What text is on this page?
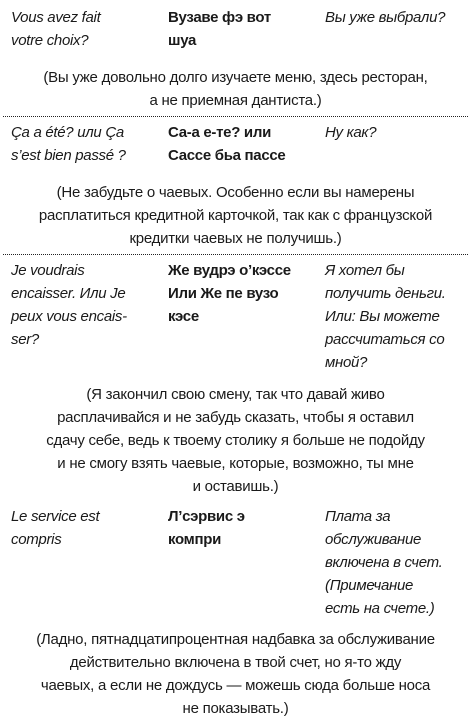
Vous avez fait
votre choix?
Вузаве фэ вот
шуа
Вы уже выбрали?
(Вы уже довольно долго изучаете меню, здесь ресторан,
а не приемная дантиста.)
Ça a été? или Ça
s’est bien passé ?
Са-а е-те? или
Сассе бьа пассе
Ну как?
(Не забудьте о чаевых. Особенно если вы намерены
расплатиться кредитной карточкой, так как с французской
кредитки чаевых не получишь.)
Je voudrais
encaisser. Или Je
peux vous encais-
ser?
Же вудрэ о’кэссе
Или Же пе вузо
кэсе
Я хотел бы
получить деньги.
Или: Вы можете
рассчитаться со
мной?
(Я закончил свою смену, так что давай живо
расплачивайся и не забудь сказать, чтобы я оставил
сдачу себе, ведь к твоему столику я больше не подойду
и не смогу взять чаевые, которые, возможно, ты мне
и оставишь.)
Le service est
compris
Л’сэрвис э
компри
Плата за
обслуживание
включена в счет.
(Примечание
есть на счете.)
(Ладно, пятнадцатипроцентная надбавка за обслуживание
действительно включена в твой счет, но я-то жду
чаевых, а если не дождусь — можешь сюда больше носа
не показывать.)
